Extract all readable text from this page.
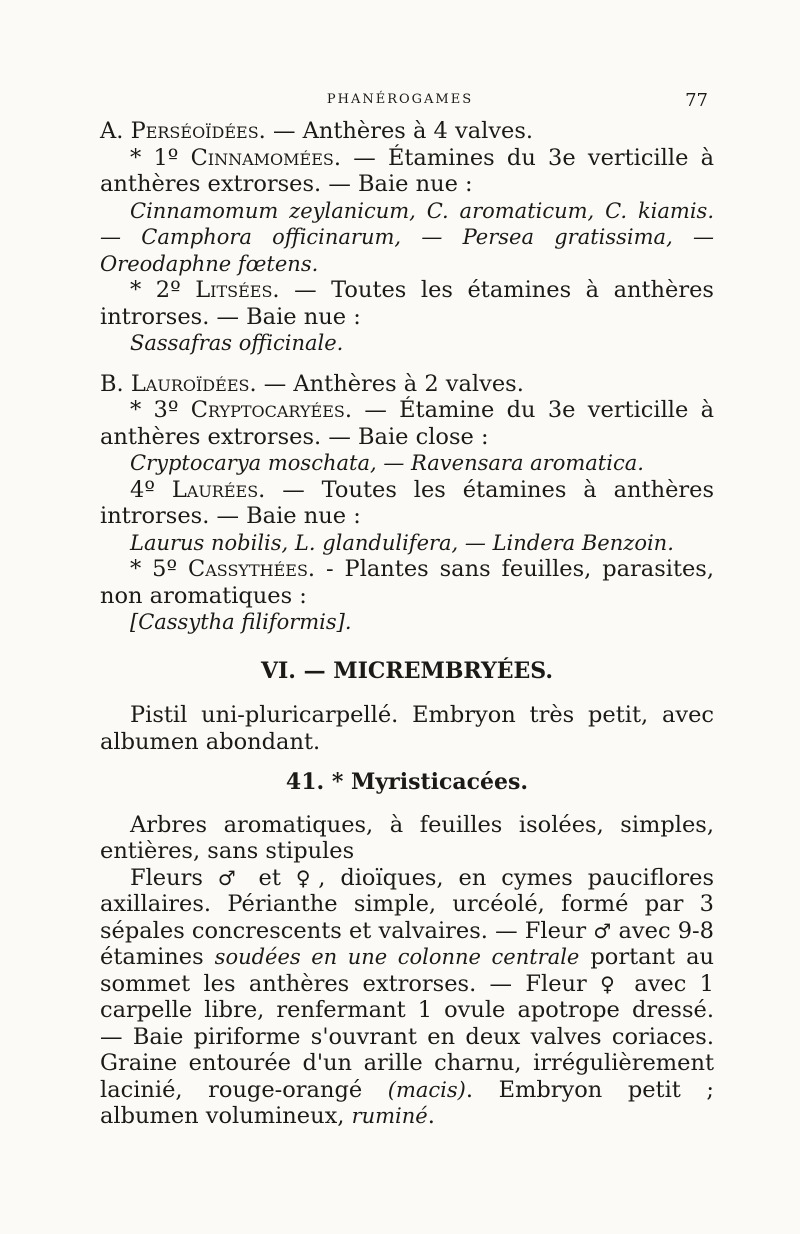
PHANÉROGAMES	77

A. Perséoïdées. — Anthères à 4 valves.

* 1º Cinnamomées. — Étamines du 3e verticille à anthères extrorses. — Baie nue :

Cinnamomum zeylanicum, C. aromaticum, C. kiamis.— Camphora officinarum, — Persea gratissima, — Oreodaphne fœtens.

* 2º Litsées. — Toutes les étamines à anthères introrses. — Baie nue :

Sassafras officinale.

B. Lauroïdées. — Anthères à 2 valves.

* 3º Cryptocaryées. — Étamine du 3e verticille à anthères extrorses. — Baie close :

Cryptocarya moschata, — Ravensara aromatica.

4º Laurées. — Toutes les étamines à anthères introrses. — Baie nue :

Laurus nobilis, L. glandulifera, — Lindera Benzoin.

* 5º Cassythées. - Plantes sans feuilles, parasites, non aromatiques :

[Cassytha filiformis].

VI. — MICREMBRYÉES.

Pistil uni-pluricarpellé. Embryon très petit, avec albumen abondant.

41. * Myristicacées.

Arbres aromatiques, à feuilles isolées, simples, entières, sans stipules

Fleurs ♂ et ♀, dioïques, en cymes pauciflores axillaires. Périanthe simple, urcéolé, formé par 3 sépales concrescents et valvaires. — Fleur ♂ avec 9-8 étamines soudées en une colonne centrale portant au sommet les anthères extrorses. — Fleur ♀ avec 1 carpelle libre, renfermant 1 ovule apotrope dressé. — Baie piriforme s'ouvrant en deux valves coriaces. Graine entourée d'un arille charnu, irrégulièrement lacinié, rouge-orangé (macis). Embryon petit ; albumen volumineux, ruminé.
